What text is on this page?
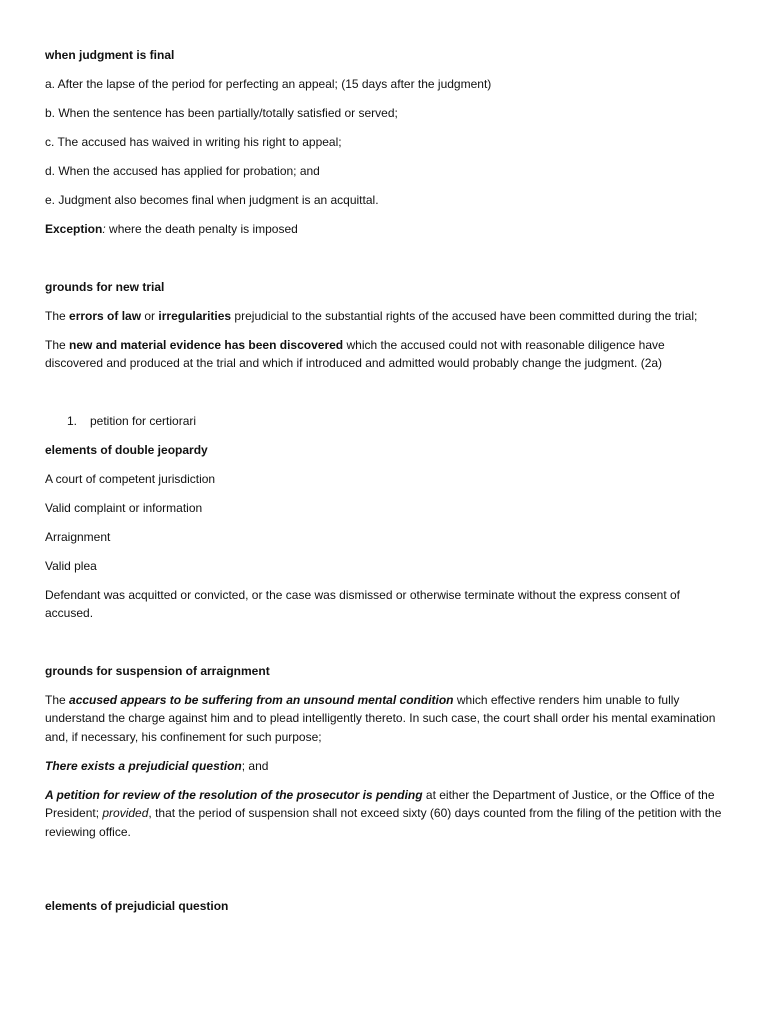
when judgment is final

a. After the lapse of the period for perfecting an appeal; (15 days after the judgment)

b. When the sentence has been partially/totally satisfied or served;

c. The accused has waived in writing his right to appeal;

d. When the accused has applied for probation; and

e. Judgment also becomes final when judgment is an acquittal.

Exception: where the death penalty is imposed

grounds for new trial

The errors of law or irregularities prejudicial to the substantial rights of the accused have been committed during the trial;

The new and material evidence has been discovered which the accused could not with reasonable diligence have discovered and produced at the trial and which if introduced and admitted would probably change the judgment. (2a)

1. petition for certiorari

elements of double jeopardy

A court of competent jurisdiction

Valid complaint or information

Arraignment

Valid plea

Defendant was acquitted or convicted, or the case was dismissed or otherwise terminate without the express consent of accused.

grounds for suspension of arraignment

The accused appears to be suffering from an unsound mental condition which effective renders him unable to fully understand the charge against him and to plead intelligently thereto. In such case, the court shall order his mental examination and, if necessary, his confinement for such purpose;

There exists a prejudicial question; and

A petition for review of the resolution of the prosecutor is pending at either the Department of Justice, or the Office of the President; provided, that the period of suspension shall not exceed sixty (60) days counted from the filing of the petition with the reviewing office.

elements of prejudicial question
